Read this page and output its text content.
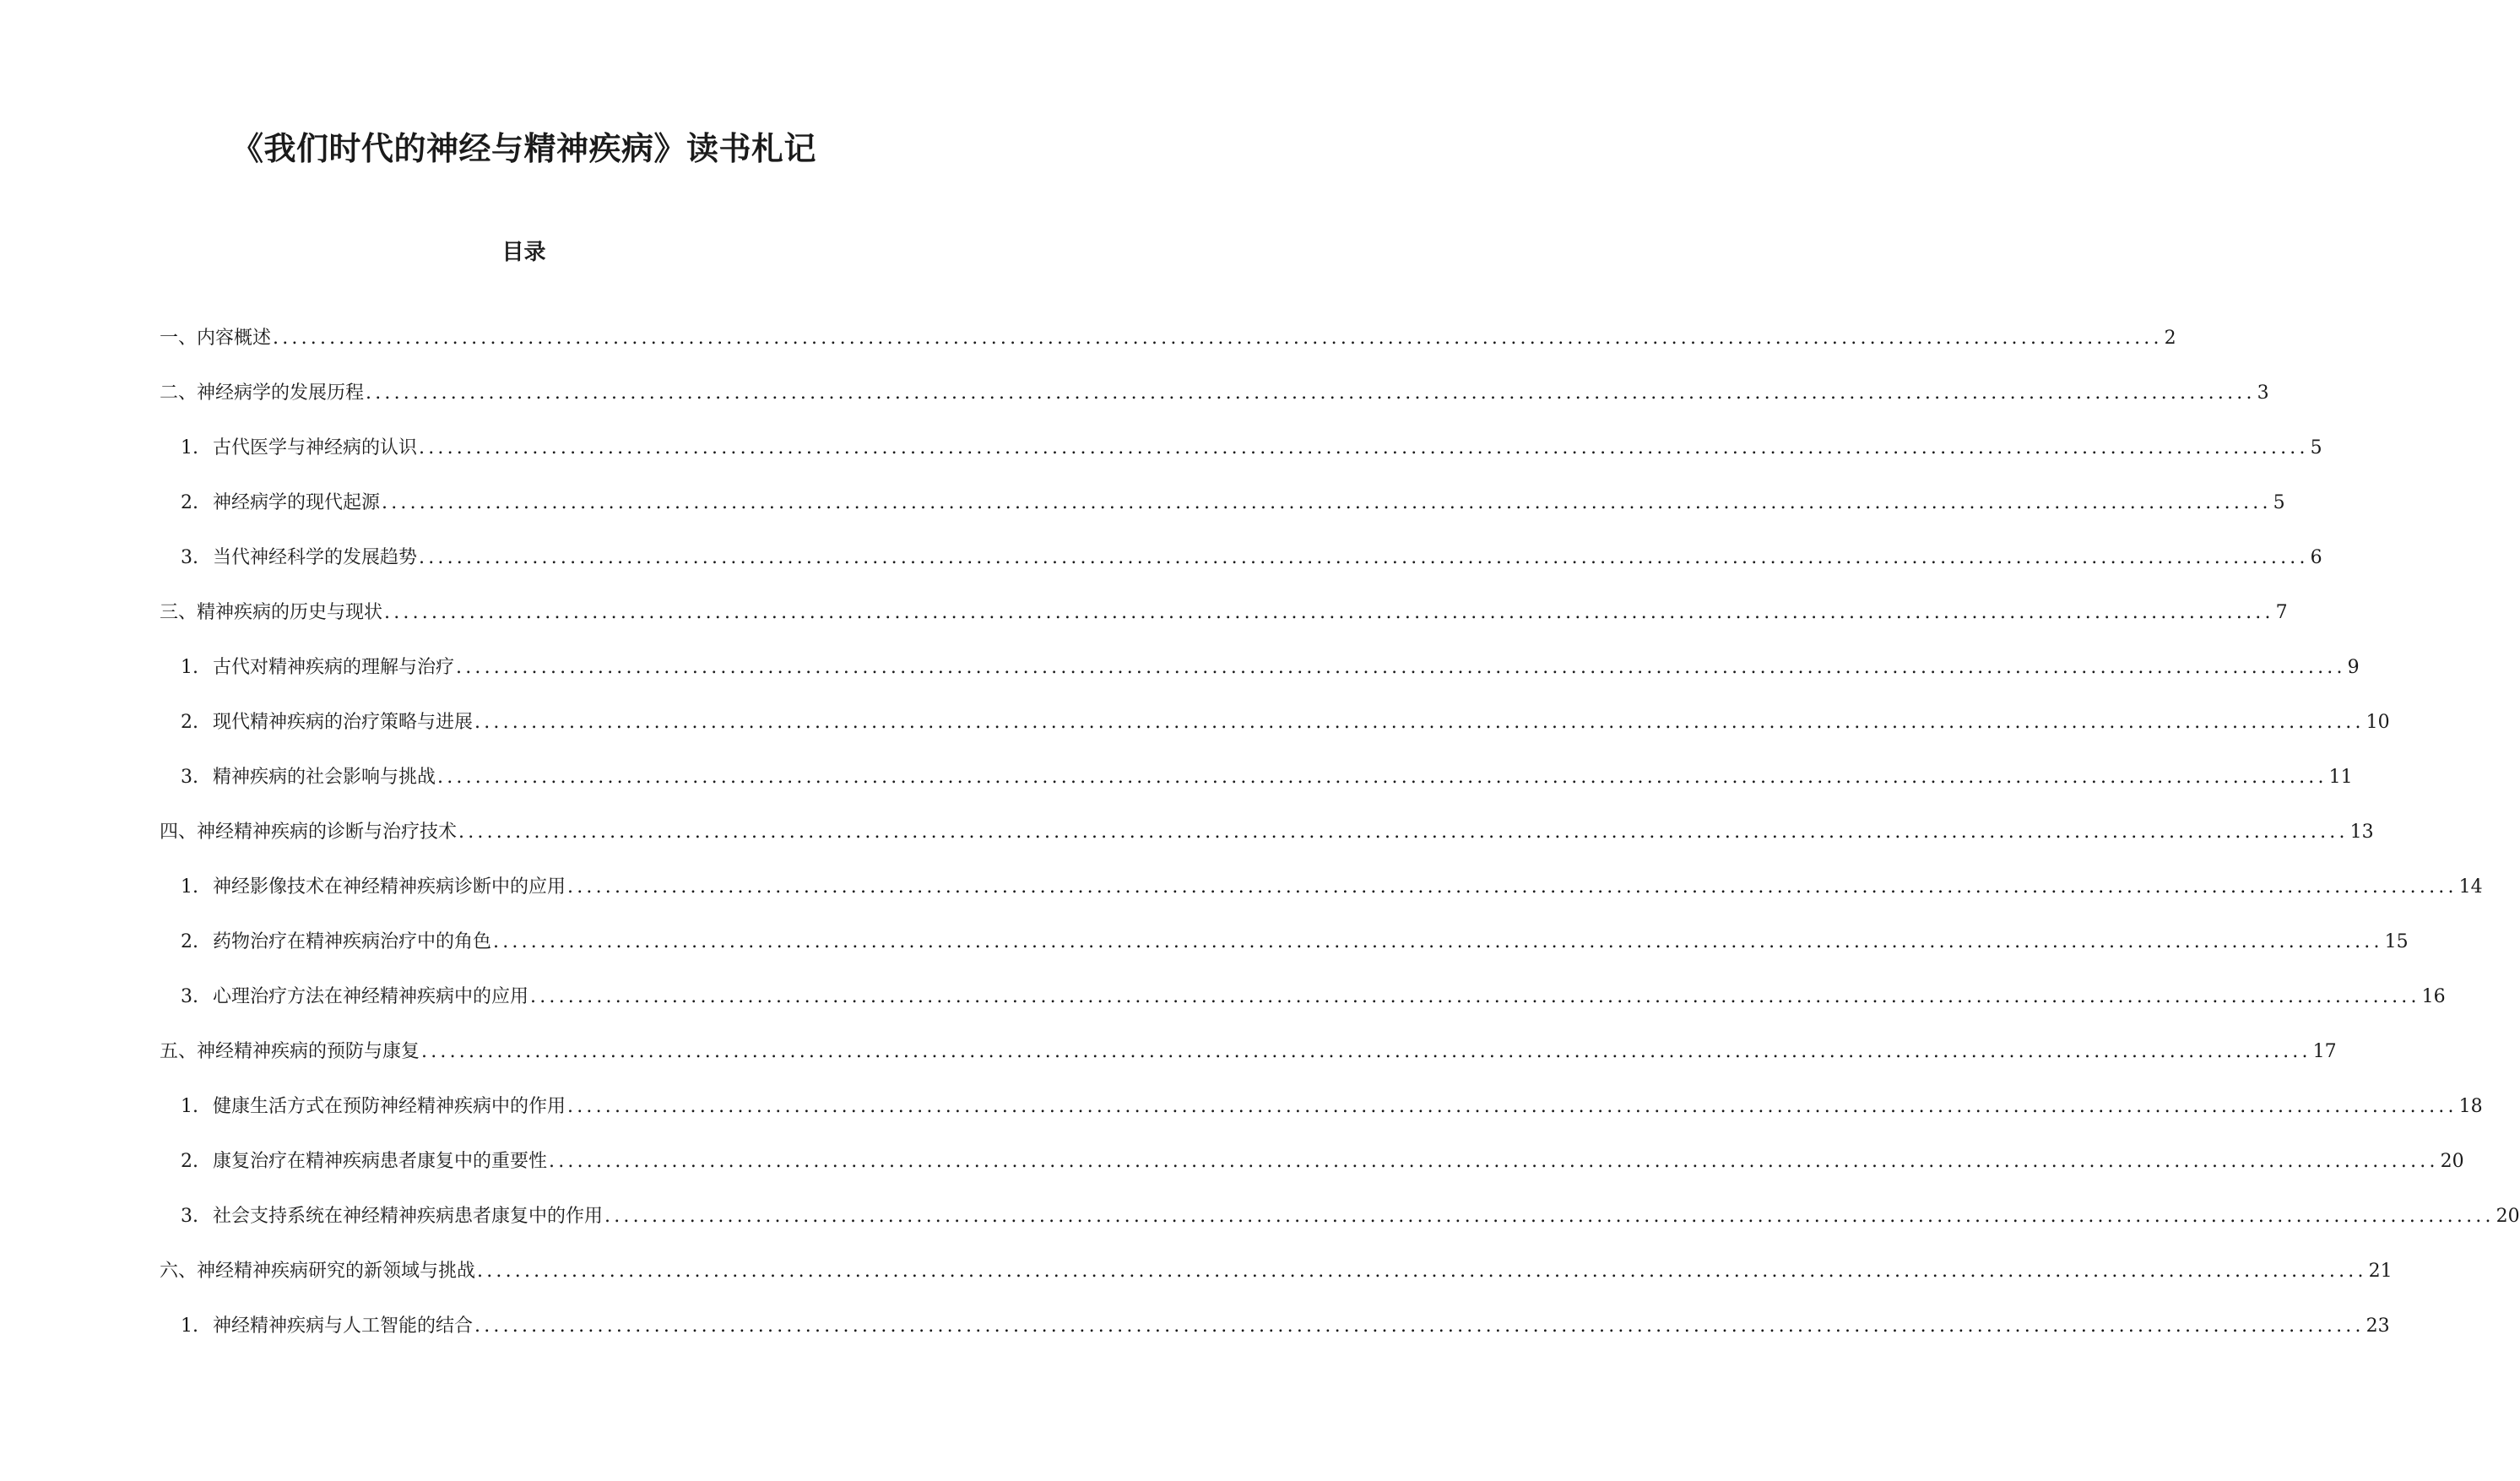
《我们时代的神经与精神疾病》读书札记
目录
一、内容概述 ........................................................................................................................................................................................................ 2
二、神经病学的发展历程 ........................................................................................................................................................................................................ 3
1. 古代医学与神经病的认识 ........................................................................................................................................................................................................ 5
2. 神经病学的现代起源 ........................................................................................................................................................................................................ 5
3. 当代神经科学的发展趋势 ........................................................................................................................................................................................................ 6
三、精神疾病的历史与现状 ........................................................................................................................................................................................................ 7
1. 古代对精神疾病的理解与治疗 ........................................................................................................................................................................................................ 9
2. 现代精神疾病的治疗策略与进展 ........................................................................................................................................................................................................ 10
3. 精神疾病的社会影响与挑战 ........................................................................................................................................................................................................ 11
四、神经精神疾病的诊断与治疗技术 ........................................................................................................................................................................................................ 13
1. 神经影像技术在神经精神疾病诊断中的应用 ........................................................................................................................................................................................................ 14
2. 药物治疗在精神疾病治疗中的角色 ........................................................................................................................................................................................................ 15
3. 心理治疗方法在神经精神疾病中的应用 ........................................................................................................................................................................................................ 16
五、神经精神疾病的预防与康复 ........................................................................................................................................................................................................ 17
1. 健康生活方式在预防神经精神疾病中的作用 ........................................................................................................................................................................................................ 18
2. 康复治疗在精神疾病患者康复中的重要性 ........................................................................................................................................................................................................ 20
3. 社会支持系统在神经精神疾病患者康复中的作用 ........................................................................................................................................................................................................ 20
六、神经精神疾病研究的新领域与挑战 ........................................................................................................................................................................................................ 21
1. 神经精神疾病与人工智能的结合 ........................................................................................................................................................................................................ 23
